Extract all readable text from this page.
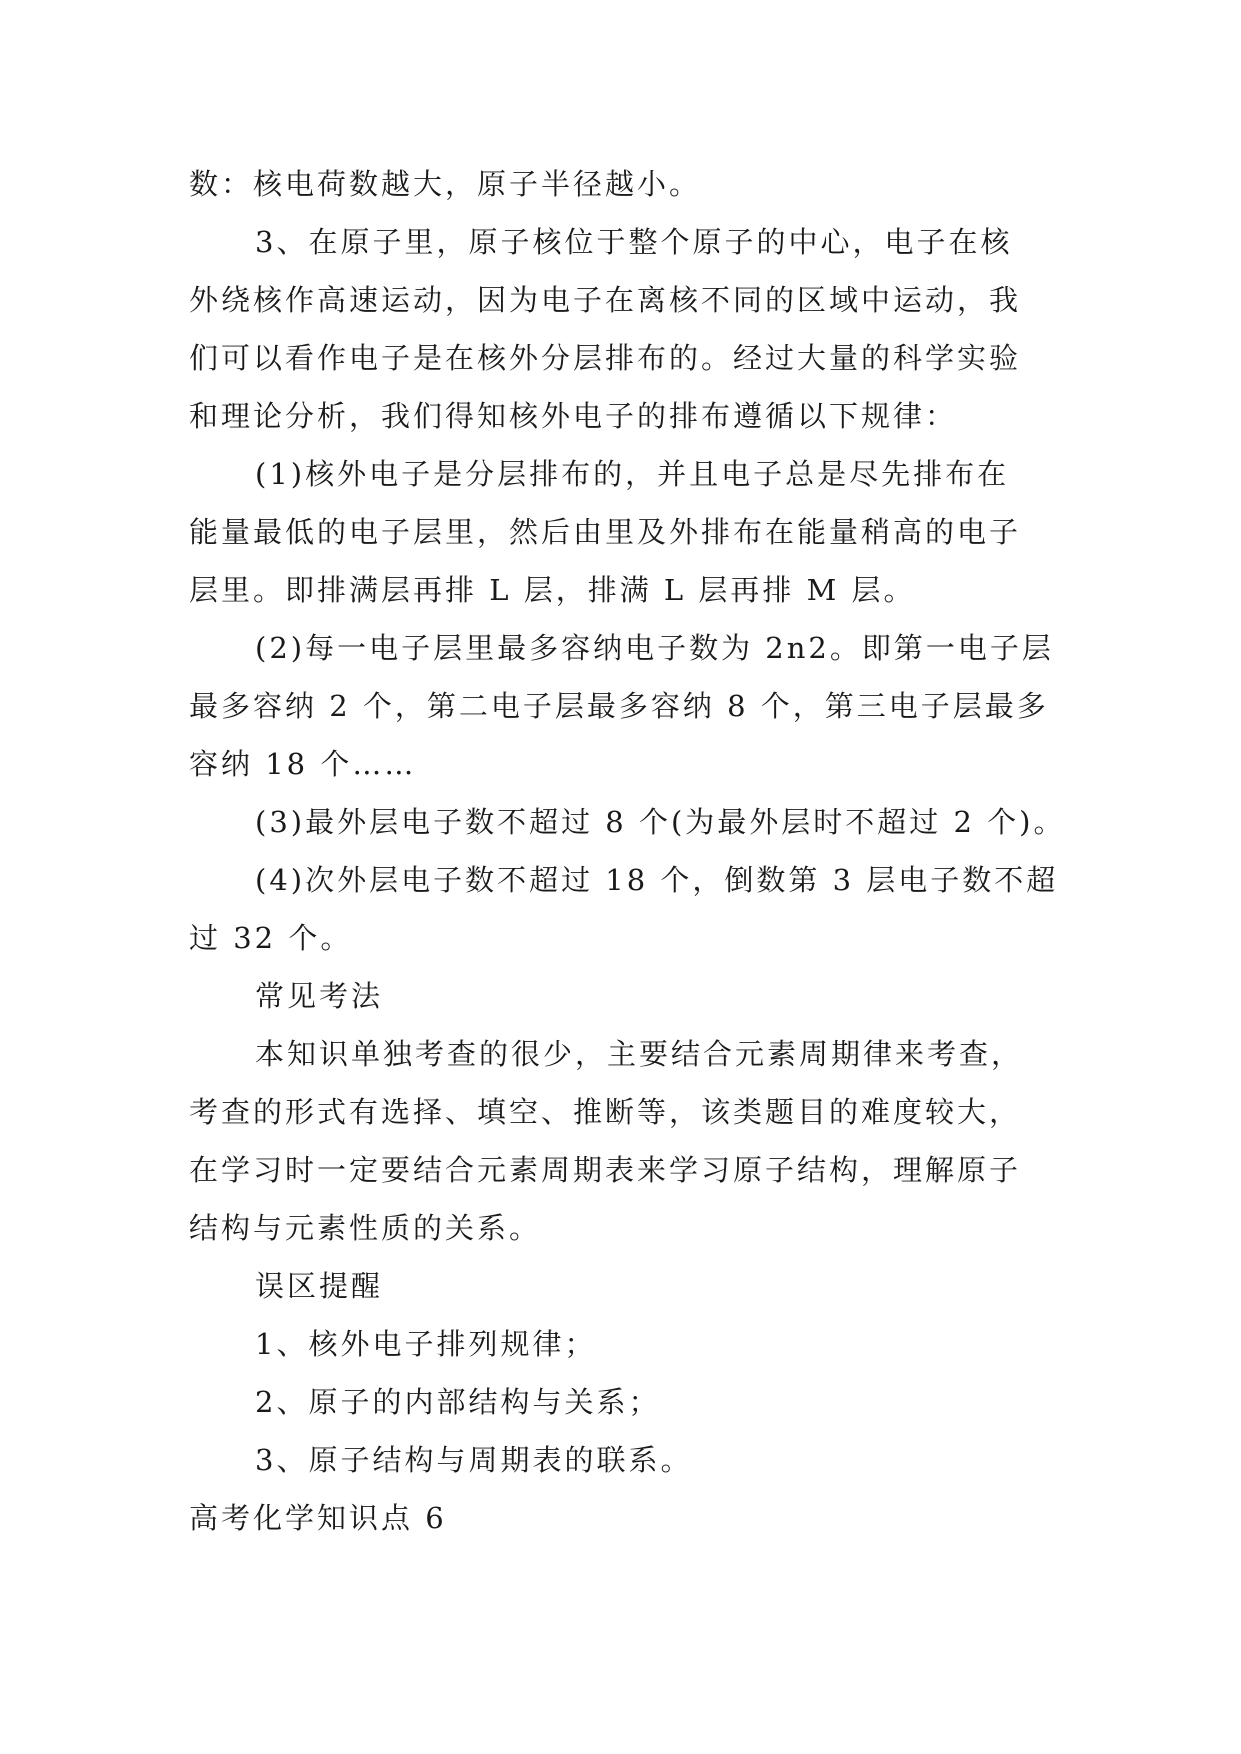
数：核电荷数越大，原子半径越小。
3、在原子里，原子核位于整个原子的中心，电子在核
外绕核作高速运动，因为电子在离核不同的区域中运动，我
们可以看作电子是在核外分层排布的。经过大量的科学实验
和理论分析，我们得知核外电子的排布遵循以下规律：
(1)核外电子是分层排布的，并且电子总是尽先排布在
能量最低的电子层里，然后由里及外排布在能量稍高的电子
层里。即排满层再排 L 层，排满 L 层再排 M 层。
(2)每一电子层里最多容纳电子数为 2n2。即第一电子层
最多容纳 2 个，第二电子层最多容纳 8 个，第三电子层最多
容纳 18 个……
(3)最外层电子数不超过 8 个(为最外层时不超过 2 个)。
(4)次外层电子数不超过 18 个，倒数第 3 层电子数不超
过 32 个。
常见考法
本知识单独考查的很少，主要结合元素周期律来考查，
考查的形式有选择、填空、推断等，该类题目的难度较大，
在学习时一定要结合元素周期表来学习原子结构，理解原子
结构与元素性质的关系。
误区提醒
1、核外电子排列规律；
2、原子的内部结构与关系；
3、原子结构与周期表的联系。
高考化学知识点 6
